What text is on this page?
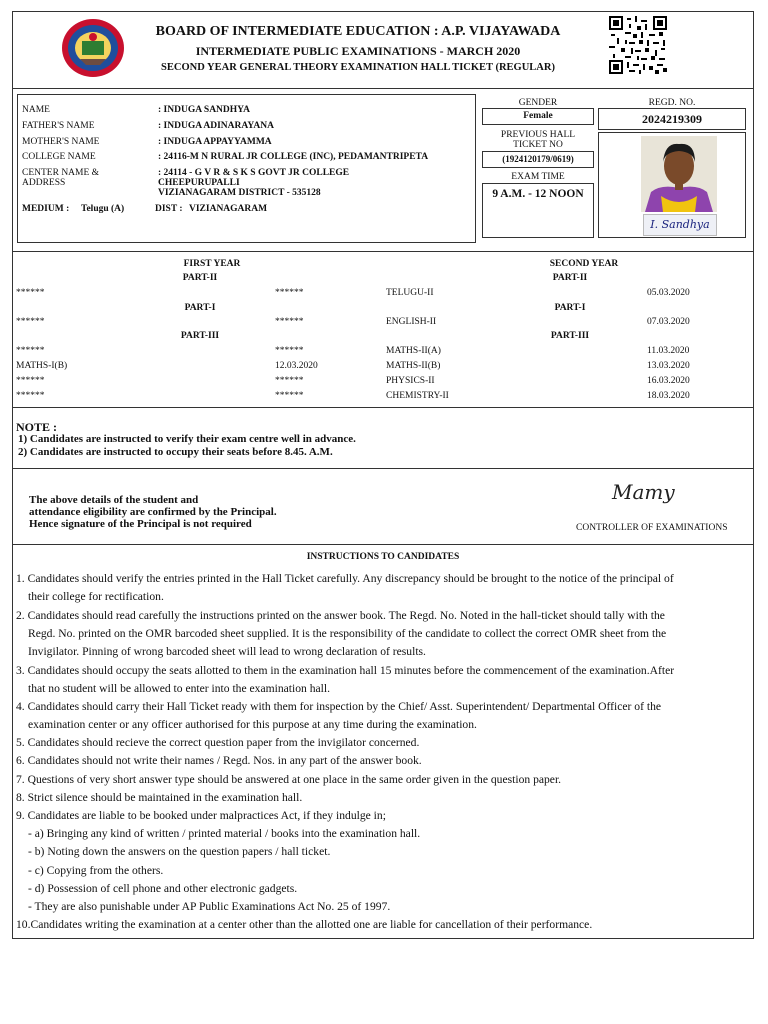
BOARD OF INTERMEDIATE EDUCATION : A.P. VIJAYAWADA
INTERMEDIATE PUBLIC EXAMINATIONS - MARCH 2020
SECOND YEAR GENERAL THEORY EXAMINATION HALL TICKET (REGULAR)
NAME	: INDUGA SANDHYA
FATHER'S NAME	: INDUGA ADINARAYANA
MOTHER'S NAME	: INDUGA APPAYYAMMA
COLLEGE NAME	: 24116-M N RURAL JR COLLEGE (INC), PEDAMANTRIPETA
CENTER NAME &
ADDRESS
: 24114 - G V R & S K S GOVT JR COLLEGE
CHEEPURUPALLI
VIZIANAGARAM DISTRICT - 535128
MEDIUM : Telugu (A)	DIST : VIZIANAGARAM
GENDER
Female
REGD. NO.
2024219309
PREVIOUS HALL
TICKET NO
(1924120179/0619)
EXAM TIME
9 A.M. - 12 NOON
I. Sandhya
FIRST YEAR	SECOND YEAR
PART-II	PART-II
******	******	TELUGU-II	05.03.2020
PART-I	PART-I
******	******	ENGLISH-II	07.03.2020
PART-III	PART-III
******	******	MATHS-II(A)	11.03.2020
MATHS-I(B)	12.03.2020	MATHS-II(B)	13.03.2020
******	******	PHYSICS-II	16.03.2020
******	******	CHEMISTRY-II	18.03.2020
NOTE :
1) Candidates are instructed to verify their exam centre well in advance.
2) Candidates are instructed to occupy their seats before 8.45. A.M.
The above details of the student and
attendance eligibility are confirmed by the Principal.
Hence signature of the Principal is not required
Mamy
CONTROLLER OF EXAMINATIONS
INSTRUCTIONS TO CANDIDATES
1. Candidates should verify the entries printed in the Hall Ticket carefully. Any discrepancy should be brought to the notice of the principal of
their college for rectification.
2. Candidates should read carefully the instructions printed on the answer book. The Regd. No. Noted in the hall-ticket should tally with the
Regd. No. printed on the OMR barcoded sheet supplied. It is the responsibility of the candidate to collect the correct OMR sheet from the
Invigilator. Pinning of wrong barcoded sheet will lead to wrong declaration of results.
3. Candidates should occupy the seats allotted to them in the examination hall 15 minutes before the commencement of the examination.After
that no student will be allowed to enter into the examination hall.
4. Candidates should carry their Hall Ticket ready with them for inspection by the Chief/ Asst. Superintendent/ Departmental Officer of the
examination center or any officer authorised for this purpose at any time during the examination.
5. Candidates should recieve the correct question paper from the invigilator concerned.
6. Candidates should not write their names / Regd. Nos. in any part of the answer book.
7. Questions of very short answer type should be answered at one place in the same order given in the question paper.
8. Strict silence should be maintained in the examination hall.
9. Candidates are liable to be booked under malpractices Act, if they indulge in;
- a) Bringing any kind of written / printed material / books into the examination hall.
- b) Noting down the answers on the question papers / hall ticket.
- c) Copying from the others.
- d) Possession of cell phone and other electronic gadgets.
- They are also punishable under AP Public Examinations Act No. 25 of 1997.
10.Candidates writing the examination at a center other than the allotted one are liable for cancellation of their performance.
